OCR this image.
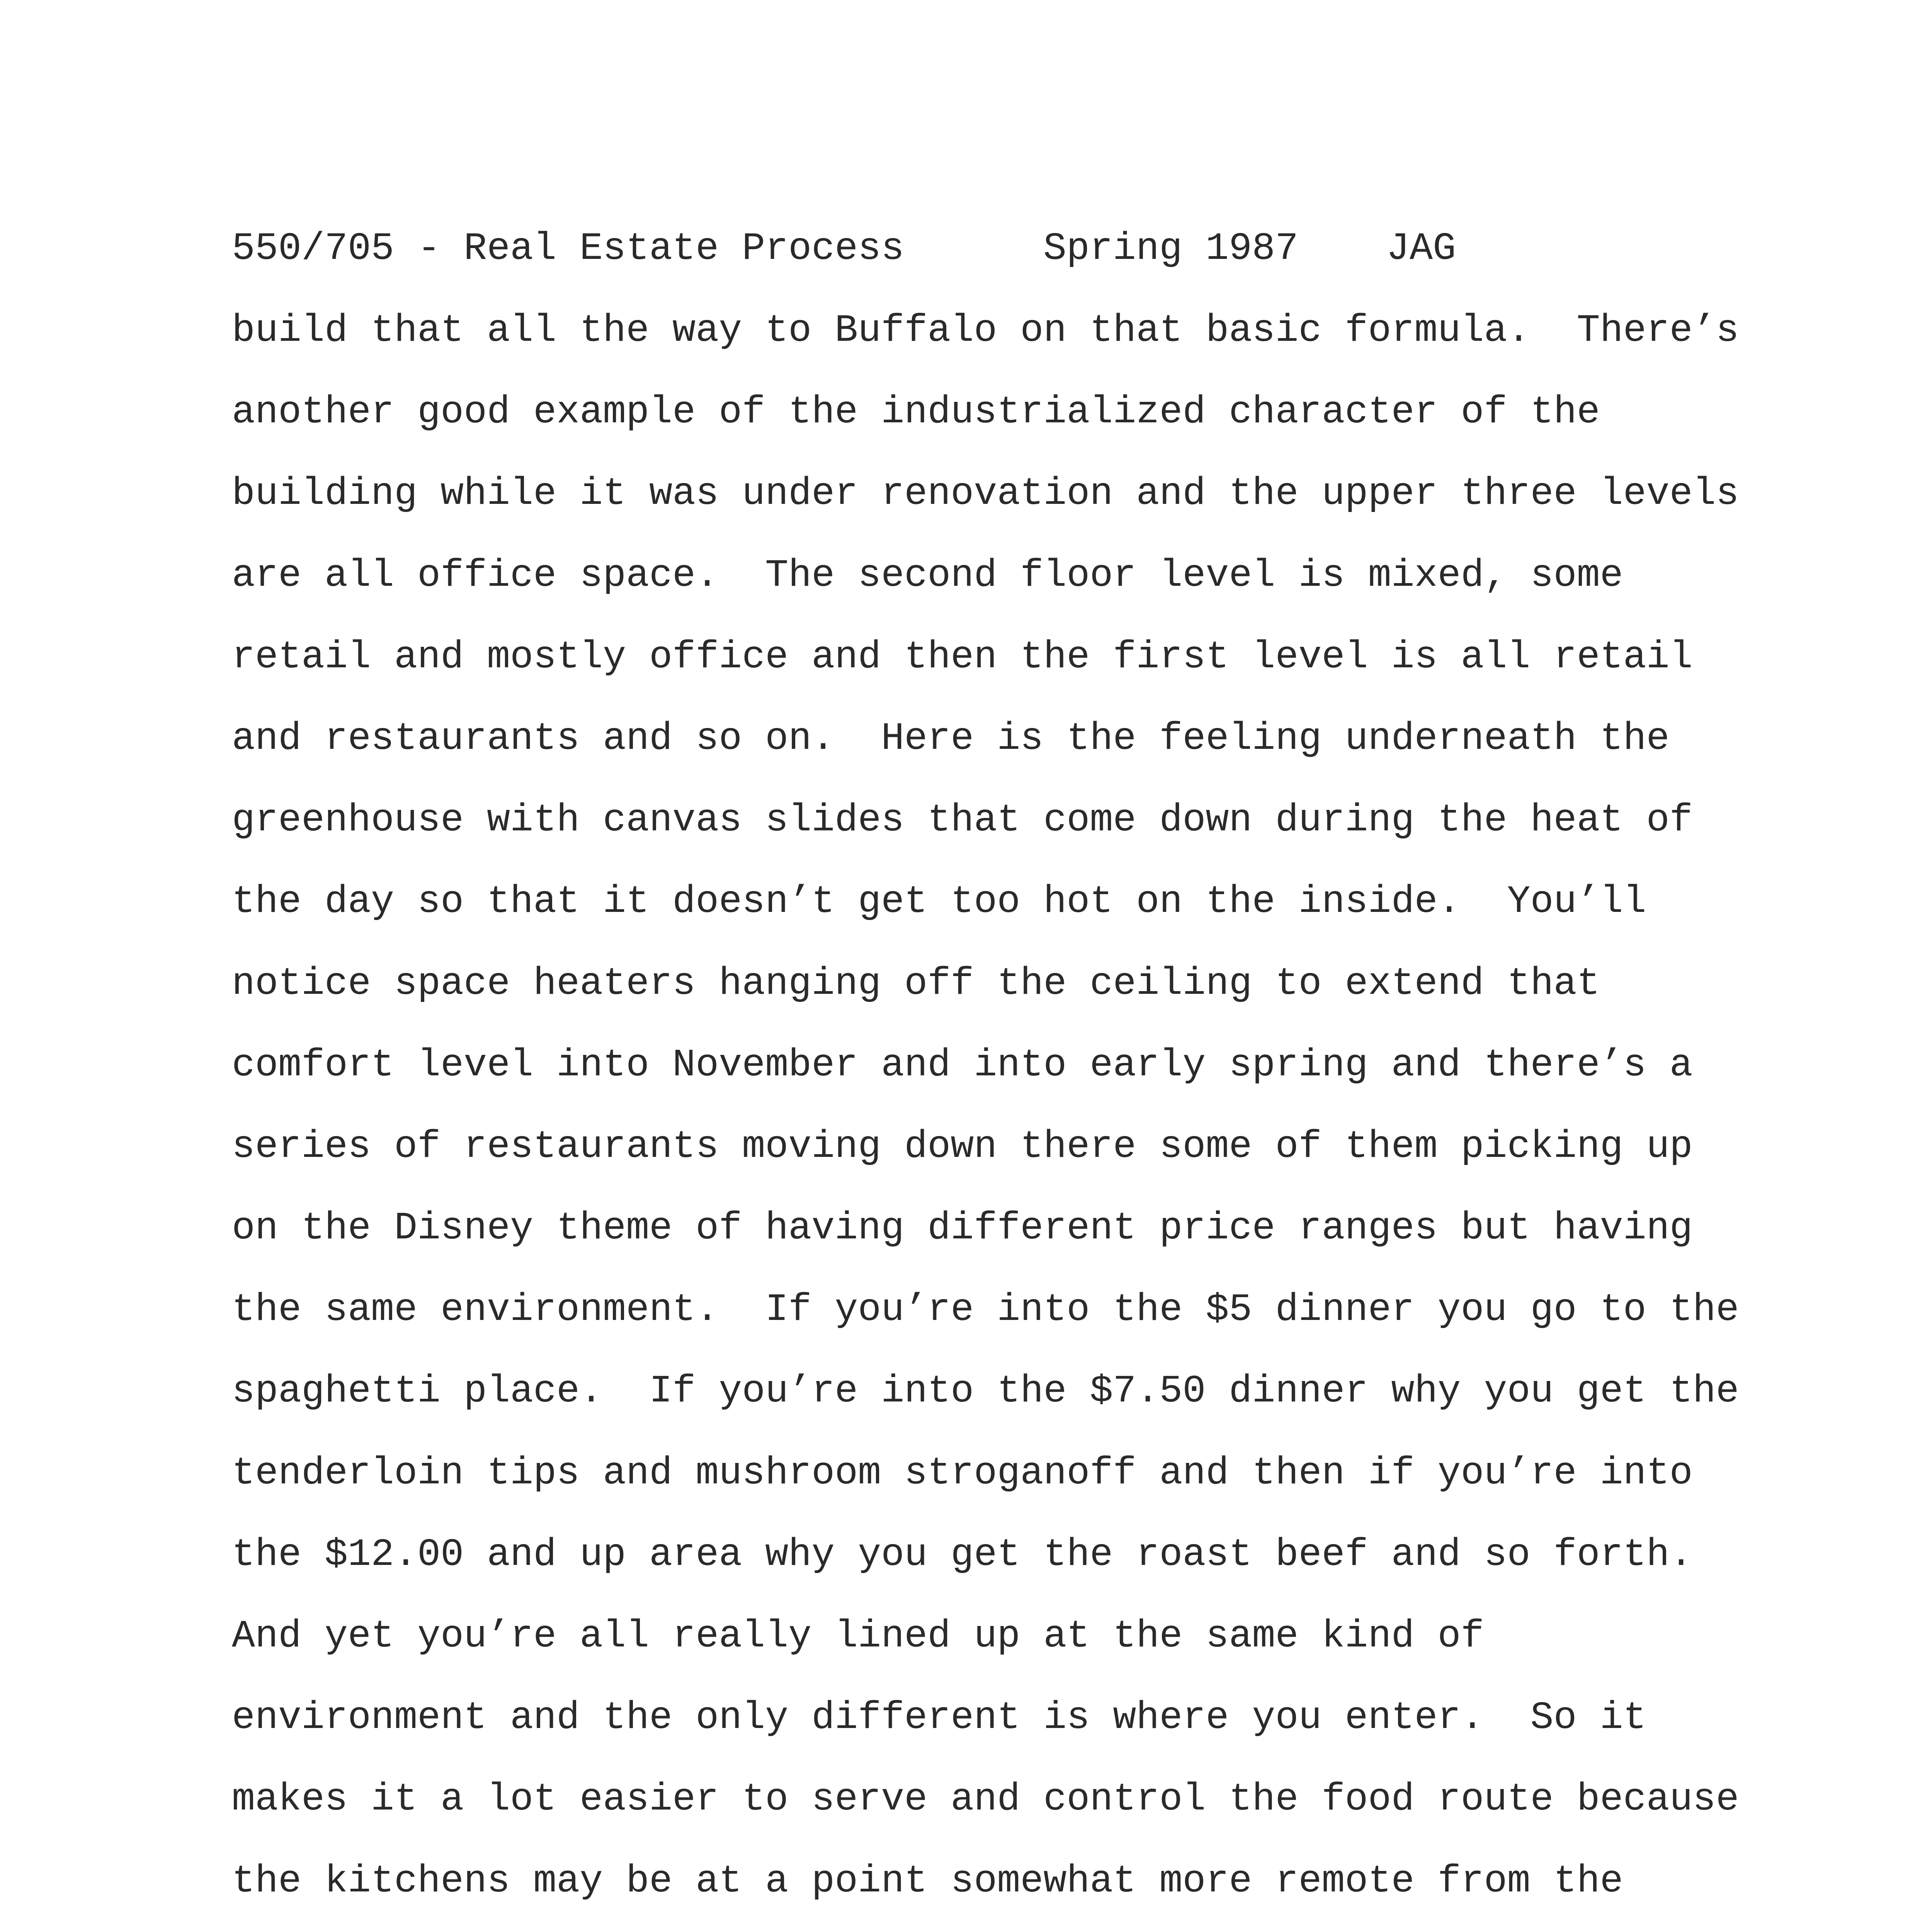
550/705 - Real Estate Process

	Spring 1987

JAG

build that all the way to Buffalo on that basic formula.  There’s
another good example of the industrialized character of the
building while it was under renovation and the upper three levels
are all office space.  The second floor level is mixed, some
retail and mostly office and then the first level is all retail
and restaurants and so on.  Here is the feeling underneath the
greenhouse with canvas slides that come down during the heat of
the day so that it doesn’t get too hot on the inside.  You’ll
notice space heaters hanging off the ceiling to extend that
comfort level into November and into early spring and there’s a
series of restaurants moving down there some of them picking up
on the Disney theme of having different price ranges but having
the same environment.  If you’re into the $5 dinner you go to the
spaghetti place.  If you’re into the $7.50 dinner why you get the
tenderloin tips and mushroom stroganoff and then if you’re into
the $12.00 and up area why you get the roast beef and so forth.
And yet you’re all really lined up at the same kind of
environment and the only different is where you enter.  So it
makes it a lot easier to serve and control the food route because
the kitchens may be at a point somewhat more remote from the
